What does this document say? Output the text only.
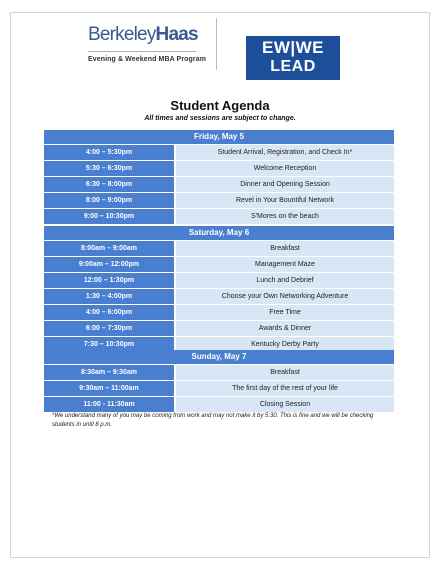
BerkeleyHaas
Evening & Weekend MBA Program
EW|WE
LEAD
Student Agenda
All times and sessions are subject to change.
Friday, May 5
4:00 – 5:30pm	Student Arrival, Registration, and Check In*
5:30 – 6:30pm	Welcome Reception
6:30 – 8:00pm	Dinner and Opening Session
8:00 – 9:00pm	Revel in Your Bountiful Network
9:00 – 10:30pm	S'Mores on the beach
Saturday, May 6
8:00am – 9:00am	Breakfast
9:00am – 12:00pm	Management Maze
12:00 – 1:30pm	Lunch and Debrief
1:30 – 4:00pm	Choose your Own Networking Adventure
4:00 – 6:00pm	Free Time
6:00 – 7:30pm	Awards & Dinner
7:30 – 10:30pm	Kentucky Derby Party
Sunday, May 7
8:30am – 9:30am	Breakfast
9:30am – 11:00am	The first day of the rest of your life
11:00 - 11:30am	Closing Session
*We understand many of you may be coming from work and may not make it by 5:30. This is fine and we will be checking students in until 8 p.m.
